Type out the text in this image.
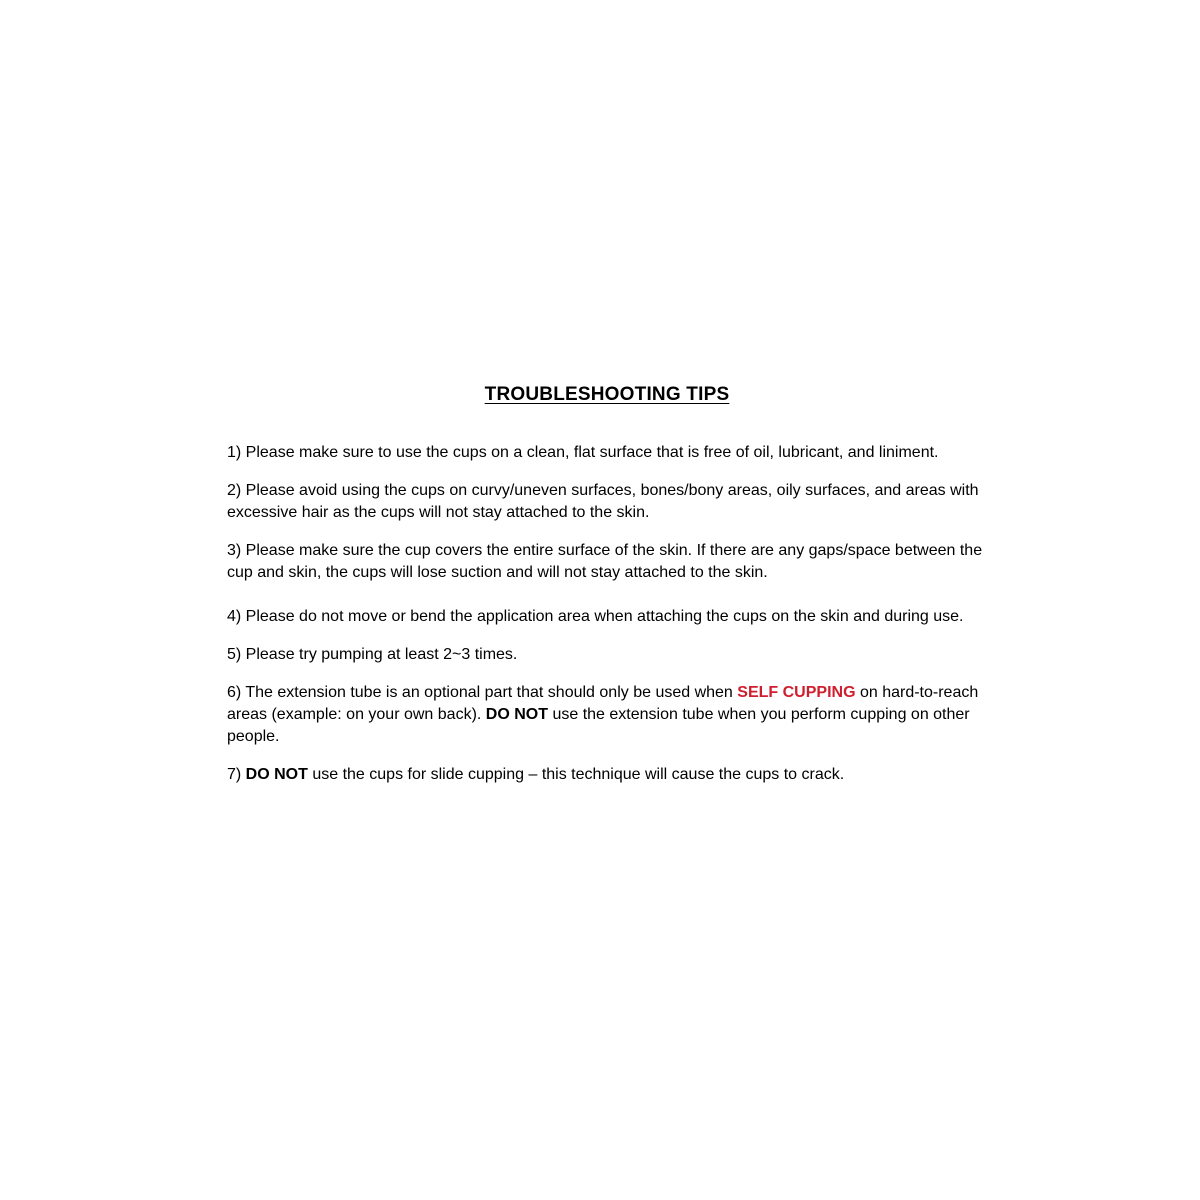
TROUBLESHOOTING TIPS

1) Please make sure to use the cups on a clean, flat surface that is free of oil, lubricant, and liniment.

2) Please avoid using the cups on curvy/uneven surfaces, bones/bony areas, oily surfaces, and areas with excessive hair as the cups will not stay attached to the skin.

3) Please make sure the cup covers the entire surface of the skin. If there are any gaps/space between the cup and skin, the cups will lose suction and will not stay attached to the skin.

4) Please do not move or bend the application area when attaching the cups on the skin and during use.

5) Please try pumping at least 2~3 times.

6) The extension tube is an optional part that should only be used when SELF CUPPING on hard-to-reach areas (example: on your own back). DO NOT use the extension tube when you perform cupping on other people.

7) DO NOT use the cups for slide cupping – this technique will cause the cups to crack.
